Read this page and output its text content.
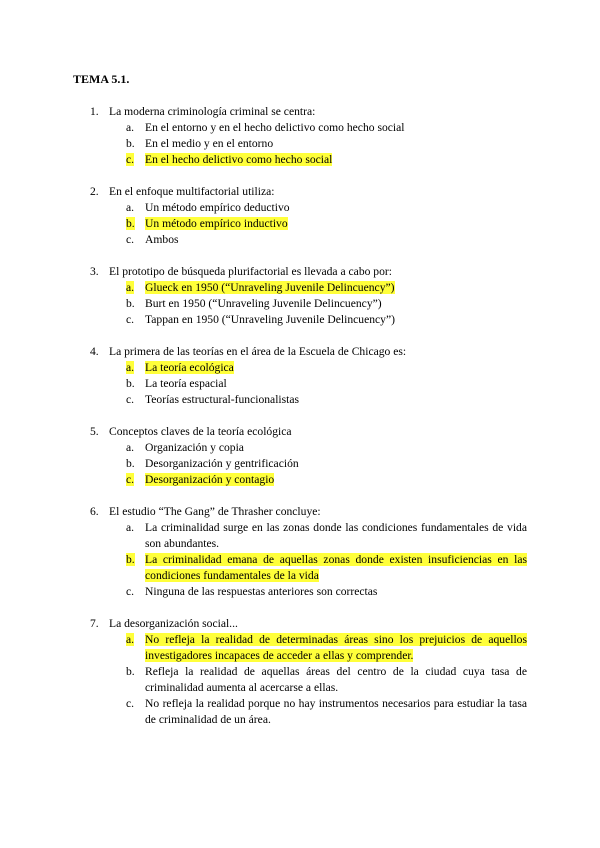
TEMA 5.1.
1. La moderna criminología criminal se centra:
a. En el entorno y en el hecho delictivo como hecho social
b. En el medio y en el entorno
c. En el hecho delictivo como hecho social
2. En el enfoque multifactorial utiliza:
a. Un método empírico deductivo
b. Un método empírico inductivo
c. Ambos
3. El prototipo de búsqueda plurifactorial es llevada a cabo por:
a. Glueck en 1950 (“Unraveling Juvenile Delincuency”)
b. Burt en 1950 (“Unraveling Juvenile Delincuency”)
c. Tappan en 1950 (“Unraveling Juvenile Delincuency”)
4. La primera de las teorías en el área de la Escuela de Chicago es:
a. La teoría ecológica
b. La teoría espacial
c. Teorías estructural-funcionalistas
5. Conceptos claves de la teoría ecológica
a. Organización y copia
b. Desorganización y gentrificación
c. Desorganización y contagio
6. El estudio “The Gang” de Thrasher concluye:
a. La criminalidad surge en las zonas donde las condiciones fundamentales de vida son abundantes.
b. La criminalidad emana de aquellas zonas donde existen insuficiencias en las condiciones fundamentales de la vida
c. Ninguna de las respuestas anteriores son correctas
7. La desorganización social...
a. No refleja la realidad de determinadas áreas sino los prejuicios de aquellos investigadores incapaces de acceder a ellas y comprender.
b. Refleja la realidad de aquellas áreas del centro de la ciudad cuya tasa de criminalidad aumenta al acercarse a ellas.
c. No refleja la realidad porque no hay instrumentos necesarios para estudiar la tasa de criminalidad de un área.
